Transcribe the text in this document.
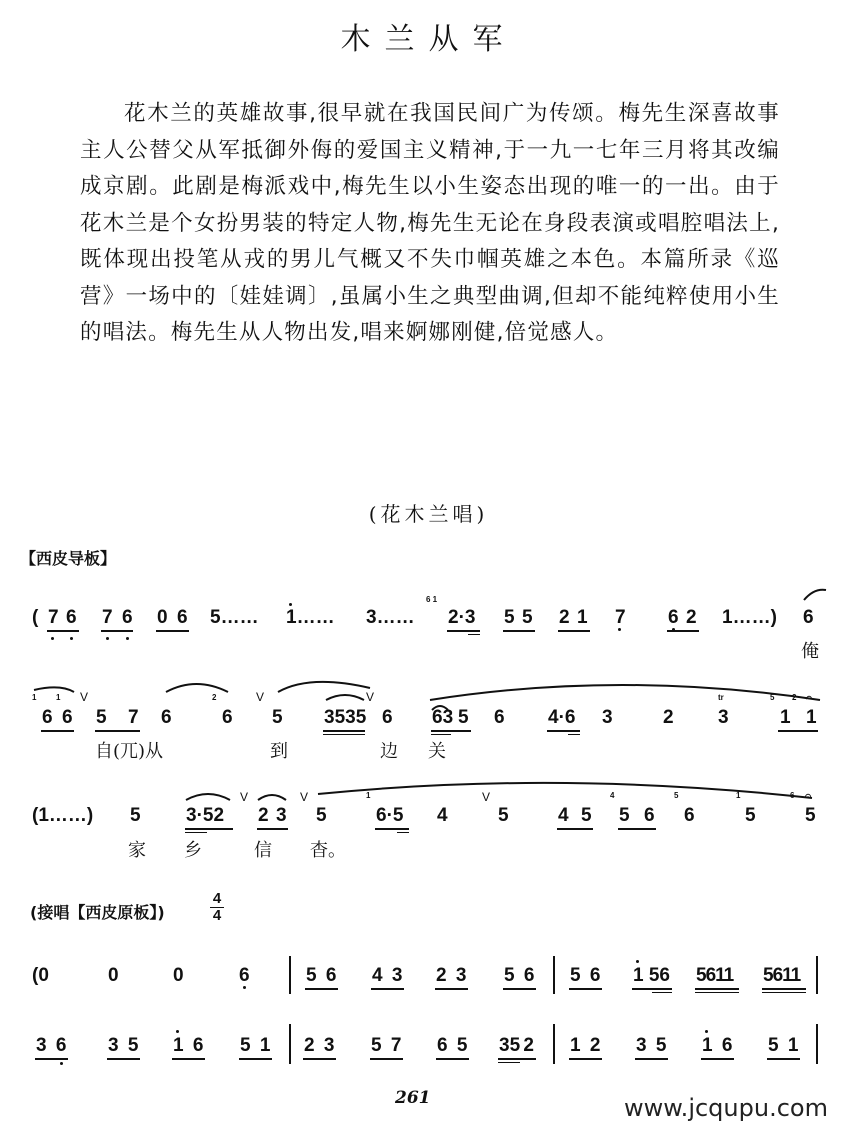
木兰从军
花木兰的英雄故事,很早就在我国民间广为传颂。梅先生深喜故事主人公替父从军抵御外侮的爱国主义精神,于一九一七年三月将其改编成京剧。此剧是梅派戏中,梅先生以小生姿态出现的唯一的一出。由于花木兰是个女扮男装的特定人物,梅先生无论在身段表演或唱腔唱法上,既体现出投笔从戎的男儿气概又不失巾帼英雄之本色。本篇所录《巡营》一场中的〔娃娃调〕,虽属小生之典型曲调,但却不能纯粹使用小生的唱法。梅先生从人物出发,唱来婀娜刚健,倍觉感人。
(花木兰唱)
【西皮导板】
( 7 6 7 6 0 6 5…… 1…… 3……
6 1
2·3 5 5 2 1 7 6 2 1……) 6
俺
1
6
1
6
V
5 7 6
2
6
V
5 3535
V
6 63 5 6 4·6 3	2
tr
3
5
1
2
1
𝄐
自(兀)从	到	边 关
(1……) 5 3·52
V
2 3
V
5
1
6·5 4
V
5	4 5
4
5 6
5
6
1
5
6
5
𝄐
家 乡	信 杳。
(接唱【西皮原板】)
4
4
(0	0	0	6	5 6 4 3 2 3 5 6 5 6 1 56 5611 5611
3 6 3 5 1 6 5 1 2 3 5 7 6 5 35 2 1 2 3 5 1 6 5 1
261	www.jcqupu.com
